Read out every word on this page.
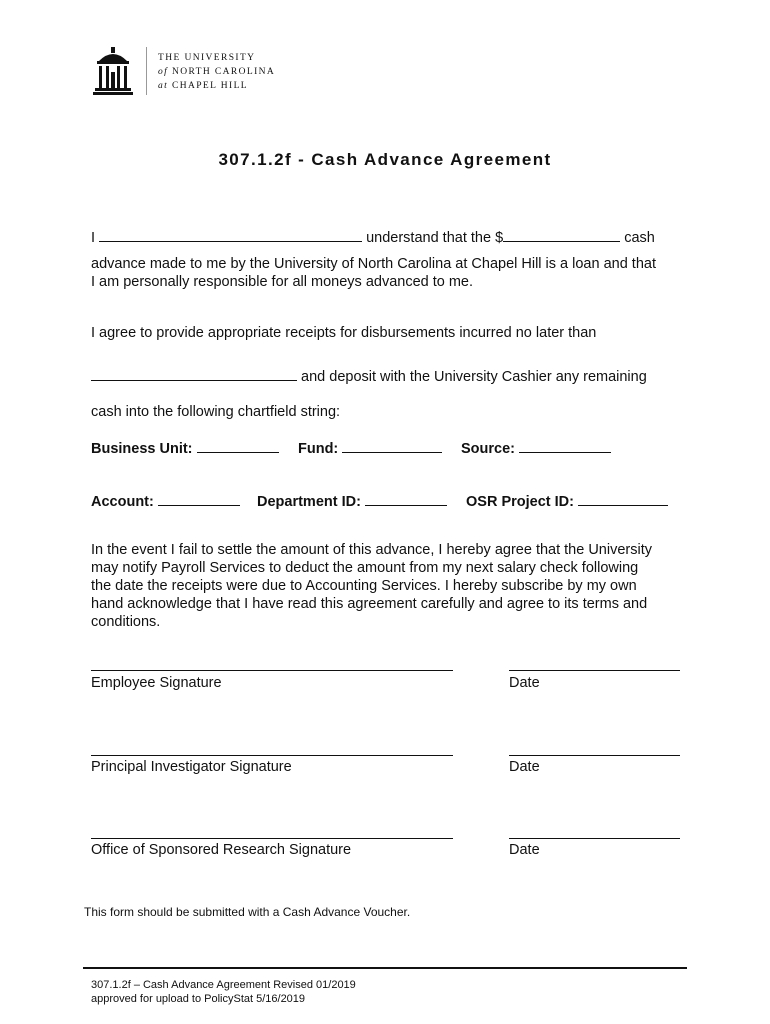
THE UNIVERSITY
of NORTH CAROLINA
at CHAPEL HILL
307.1.2f - Cash Advance Agreement
I	understand that the $	cash
advance made to me by the University of North Carolina at Chapel Hill is a loan and that
I am personally responsible for all moneys advanced to me.
I agree to provide appropriate receipts for disbursements incurred no later than
and deposit with the University Cashier any remaining
cash into the following chartfield string:
Business Unit:	Fund:	Source:
Account:	Department ID:	OSR Project ID:
In the event I fail to settle the amount of this advance, I hereby agree that the University
may notify Payroll Services to deduct the amount from my next salary check following
the date the receipts were due to Accounting Services. I hereby subscribe by my own
hand acknowledge that I have read this agreement carefully and agree to its terms and
conditions.
Employee Signature	Date
Principal Investigator Signature	Date
Office of Sponsored Research Signature	Date
This form should be submitted with a Cash Advance Voucher.
307.1.2f – Cash Advance Agreement Revised 01/2019
approved for upload to PolicyStat 5/16/2019
